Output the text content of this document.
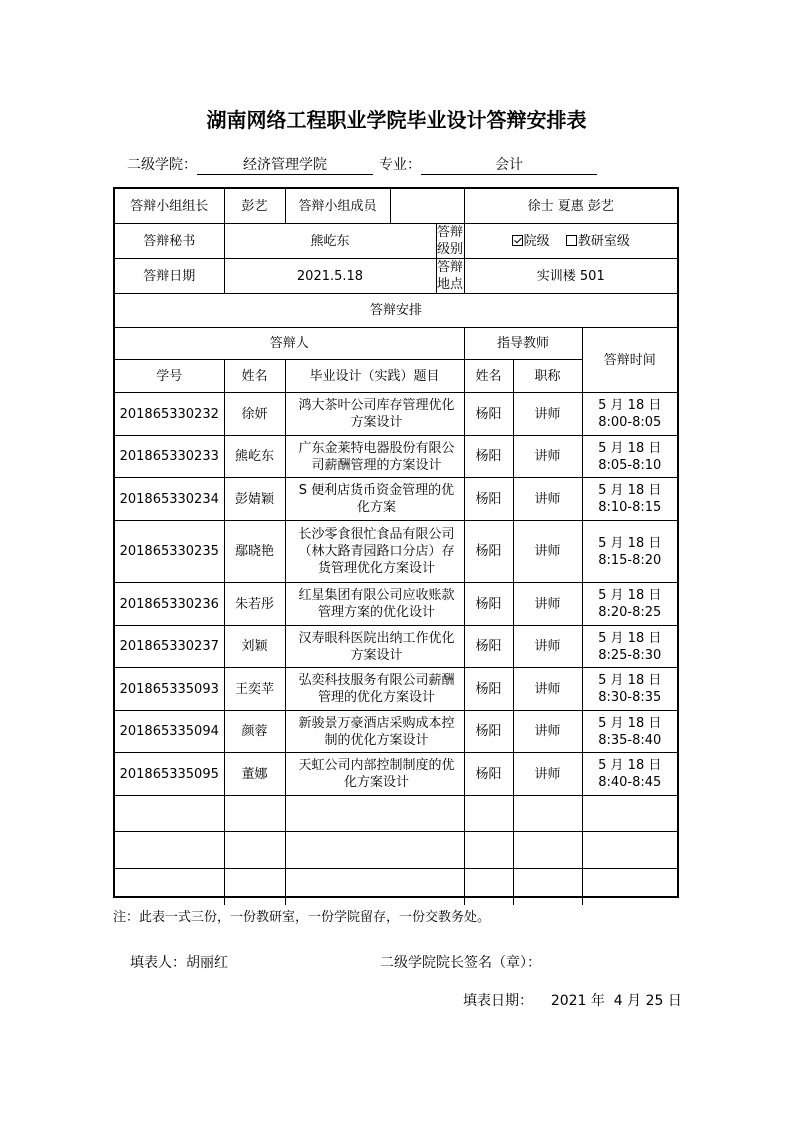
湖南网络工程职业学院毕业设计答辩安排表
二级学院：	经济管理学院	专业：	会计
答辩小组组长	彭艺	答辩小组成员	徐士 夏惠 彭艺		
答辩秘书	熊屹东
答辩级别		院级 教研室级		
答辩日期	2021.5.18
答辩地点		实训楼 501		
答辩安排					
答辩人			指导教师		答辩时间
学号	姓名	毕业设计（实践）题目	姓名	职称	
201865330232	徐妍	鸿大茶叶公司库存管理优化方案设计	杨阳	讲师	5 月 18 日
8:00-8:05

201865330233	熊屹东	广东金莱特电器股份有限公司薪酬管理的方案设计	杨阳	讲师	5 月 18 日
8:05-8:10

201865330234	彭婧颖	S 便利店货币资金管理的优化方案	杨阳	讲师	5 月 18 日
8:10-8:15

201865330235	鄢晓艳	长沙零食很忙食品有限公司（林大路青园路口分店）存货管理优化方案设计	杨阳	讲师	5 月 18 日
8:15-8:20

201865330236	朱若彤	红星集团有限公司应收账款管理方案的优化设计	杨阳	讲师	5 月 18 日
8:20-8:25

201865330237	刘颖	汉寿眼科医院出纳工作优化方案设计	杨阳	讲师	5 月 18 日
8:25-8:30

201865335093	王奕苹	弘奕科技服务有限公司薪酬管理的优化方案设计	杨阳	讲师	5 月 18 日
8:30-8:35

201865335094	颜蓉	新骏景万豪酒店采购成本控制的优化方案设计	杨阳	讲师	5 月 18 日
8:35-8:40

201865335095	董娜	天虹公司内部控制制度的优化方案设计	杨阳	讲师	5 月 18 日
8:40-8:45

注：此表一式三份，一份教研室，一份学院留存，一份交教务处。
填表人：胡丽红	二级学院院长签名（章）：
填表日期： 2021 年  4 月 25 日
